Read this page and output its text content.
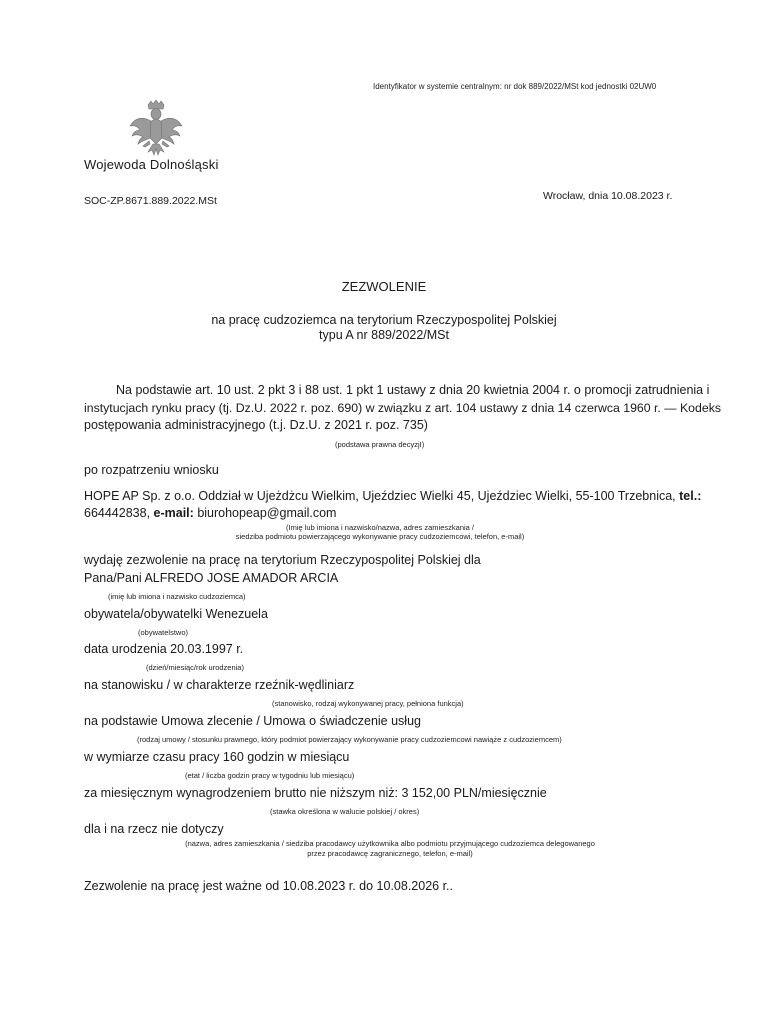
Identyfikator w systemie centralnym: nr dok 889/2022/MSt kod jednostki 02UW0
Wojewoda Dolnośląski
SOC-ZP.8671.889.2022.MSt	Wrocław, dnia 10.08.2023 r.
ZEZWOLENIE
na pracę cudzoziemca na terytorium Rzeczypospolitej Polskiej
typu A nr 889/2022/MSt
Na podstawie art. 10 ust. 2 pkt 3 i 88 ust. 1 pkt 1 ustawy z dnia 20 kwietnia 2004 r. o promocji zatrudnienia i
instytucjach rynku pracy (tj. Dz.U. 2022 r. poz. 690) w związku z art. 104 ustawy z dnia 14 czerwca 1960 r. — Kodeks
postępowania administracyjnego (t.j. Dz.U. z 2021 r. poz. 735)
(podstawa prawna decyzjI)
po rozpatrzeniu wniosku
HOPE AP Sp. z o.o. Oddział w Ujeżdżcu Wielkim, Ujeździec Wielki 45, Ujeździec Wielki, 55-100 Trzebnica, tel.:
664442838, e-mail: biurohopeap@gmail.com
(Imię lub imiona i nazwisko/nazwa, adres zamieszkania /
siedziba podmiotu powierzającego wykonywanie pracy cudzoziemcowi, telefon, e-mail)
wydaję zezwolenie na pracę na terytorium Rzeczypospolitej Polskiej dla
Pana/Pani ALFREDO JOSE AMADOR ARCIA
(imię lub imiona i nazwisko cudzoziemca)
obywatela/obywatelki Wenezuela
(obywatelstwo)
data urodzenia 20.03.1997 r.
(dzień/miesiąc/rok urodzenia)
na stanowisku / w charakterze rzeźnik-wędliniarz
(stanowisko, rodzaj wykonywanej pracy, pełniona funkcja)
na podstawie Umowa zlecenie / Umowa o świadczenie usług
(rodzaj umowy / stosunku prawnego, który podmiot powierzający wykonywanie pracy cudzoziemcowi nawiąże z cudzoziemcem)
w wymiarze czasu pracy 160 godzin w miesiącu
(etat / liczba godzin pracy w tygodniu lub miesiącu)
za miesięcznym wynagrodzeniem brutto nie niższym niż: 3 152,00 PLN/miesięcznie
(stawka określona w walucie polskiej / okres)
dla i na rzecz nie dotyczy
(nazwa, adres zamieszkania / siedziba pracodawcy użytkownika albo podmiotu przyjmującego cudzoziemca delegowanego
przez pracodawcę zagranicznego, telefon, e-mail)
Zezwolenie na pracę jest ważne od 10.08.2023 r. do 10.08.2026 r..
